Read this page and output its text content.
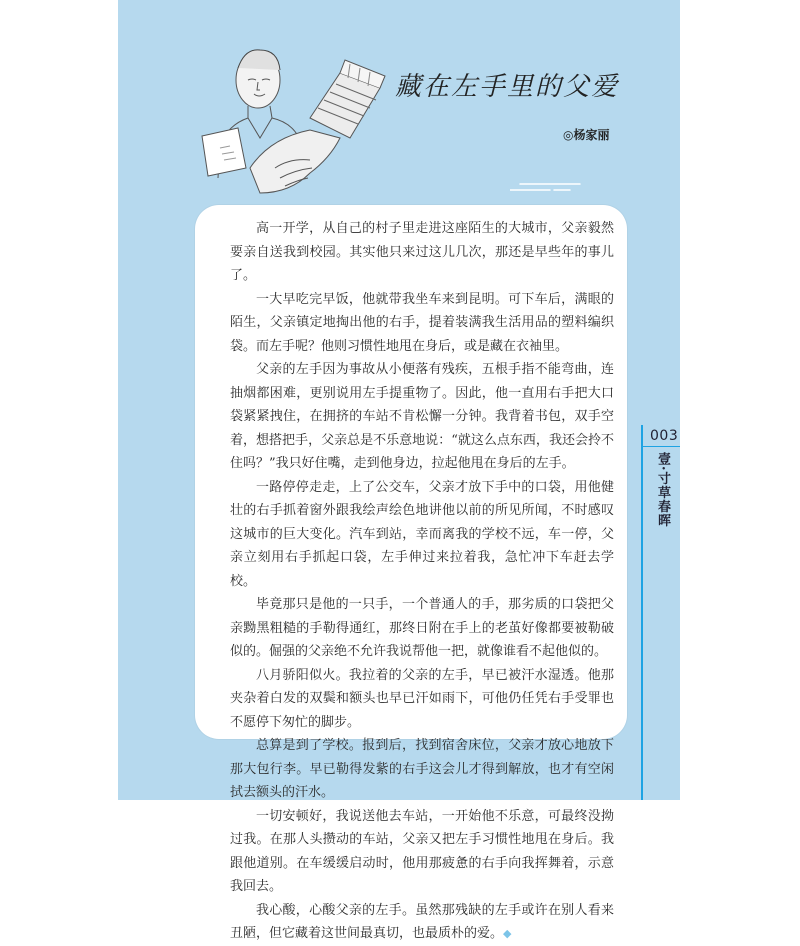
003
壹·寸草春晖
藏在左手里的父爱
◎杨家丽

高一开学，从自己的村子里走进这座陌生的大城市，父亲毅然要亲自送我到校园。其实他只来过这儿几次，那还是早些年的事儿了。

一大早吃完早饭，他就带我坐车来到昆明。可下车后，满眼的陌生，父亲镇定地掏出他的右手，提着装满我生活用品的塑料编织袋。而左手呢？他则习惯性地甩在身后，或是藏在衣袖里。

父亲的左手因为事故从小便落有残疾，五根手指不能弯曲，连抽烟都困难，更别说用左手提重物了。因此，他一直用右手把大口袋紧紧拽住，在拥挤的车站不肯松懈一分钟。我背着书包，双手空着，想搭把手，父亲总是不乐意地说：“就这么点东西，我还会拎不住吗？”我只好住嘴，走到他身边，拉起他甩在身后的左手。

一路停停走走，上了公交车，父亲才放下手中的口袋，用他健壮的右手抓着窗外跟我绘声绘色地讲他以前的所见所闻，不时感叹这城市的巨大变化。汽车到站，幸而离我的学校不远，车一停，父亲立刻用右手抓起口袋，左手伸过来拉着我，急忙冲下车赶去学校。

毕竟那只是他的一只手，一个普通人的手，那劣质的口袋把父亲黝黑粗糙的手勒得通红，那终日附在手上的老茧好像都要被勒破似的。倔强的父亲绝不允许我说帮他一把，就像谁看不起他似的。

八月骄阳似火。我拉着的父亲的左手，早已被汗水湿透。他那夹杂着白发的双鬓和额头也早已汗如雨下，可他仍任凭右手受罪也不愿停下匆忙的脚步。

总算是到了学校。报到后，找到宿舍床位，父亲才放心地放下那大包行李。早已勒得发紫的右手这会儿才得到解放，也才有空闲拭去额头的汗水。

一切安顿好，我说送他去车站，一开始他不乐意，可最终没拗过我。在那人头攒动的车站，父亲又把左手习惯性地甩在身后。我跟他道别。在车缓缓启动时，他用那疲惫的右手向我挥舞着，示意我回去。

我心酸，心酸父亲的左手。虽然那残缺的左手或许在别人看来丑陋，但它藏着这世间最真切，也最质朴的爱。◆
